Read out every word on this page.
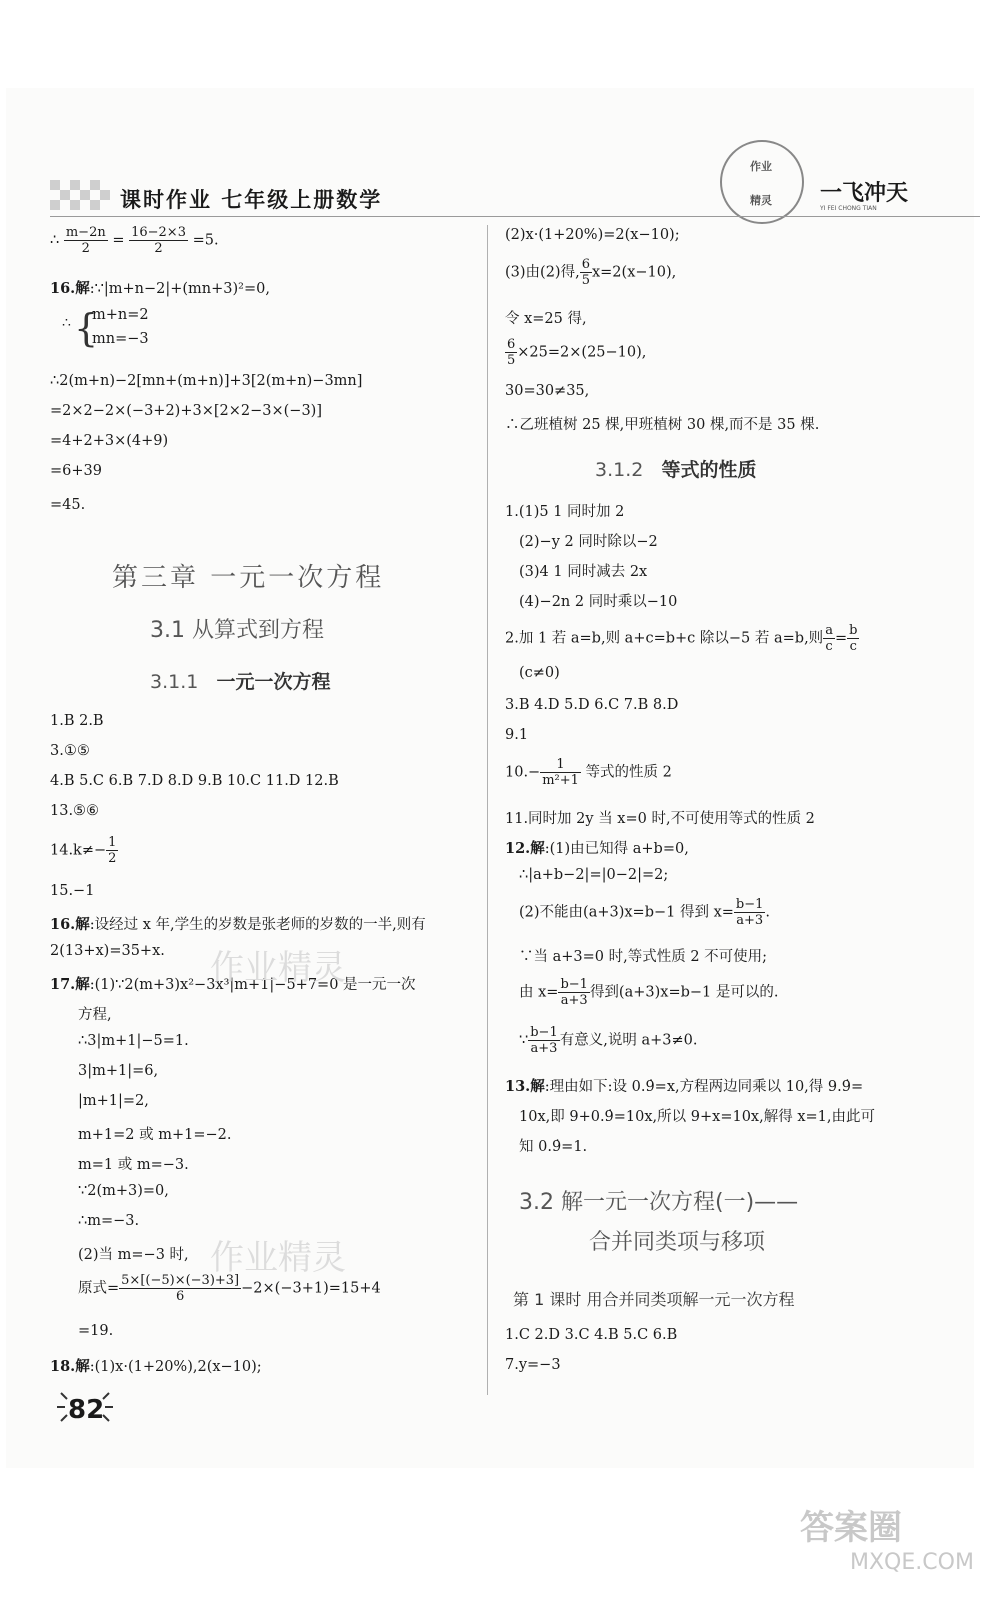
课时作业 七年级上册数学
作业
精灵 一飞冲天
YI FEI CHONG TIAN
∴ $\frac{m-2n}{2} = \frac{16-2\times 3}{2} =5$.
16.解:∵|m+n−2|+(mn+3)²=0,
∴ {
m+n=2
mn=−3
∴2(m+n)−2[mn+(m+n)]+3[2(m+n)−3mn]
=2×2−2×(−3+2)+3×[2×2−3×(−3)]
=4+2+3×(4+9)
=6+39
=45.
第三章 一元一次方程
3.1 从算式到方程
3.1.1 一元一次方程
1.B 2.B
3.①⑤
4.B 5.C 6.B 7.D 8.D 9.B 10.C 11.D 12.B
13.⑤⑥
$14.k\ne- \frac{1}{2}$
15.−1
16.解:设经过 x 年,学生的岁数是张老师的岁数的一半,则有
2(13+x)=35+x.
17.解:(1)∵2(m+3)x²−3x³|m+1|−5+7=0 是一元一次
方程,
∴3|m+1|−5=1.
3|m+1|=6,
|m+1|=2,
m+1=2 或 m+1=−2.
m=1 或 m=−3.
∵2(m+3)=0,
∴m=−3.
(2)当 m=−3 时,
原式= $\frac{5\times[(-5)\times(-3)+3]}{6} -2\times(-3+1)=15+4$
=19.
18.解:(1)x·(1+20%),2(x−10);
作业精灵
作业精灵
(2)x·(1+20%)=2(x−10);
(3)由(2)得, $\frac{6}{5} x=2(x-10)$,
令 x=25 得,
$\frac{6}{5} \times 25=2\times(25-10)$,
30=30≠35,
∴乙班植树 25 棵,甲班植树 30 棵,而不是 35 棵.
3.1.2 等式的性质
1.(1)5 1 同时加 2
(2)−y 2 同时除以−2
(3)4 1 同时减去 2x
(4)−2n 2 同时乘以−10
2.加 1 若 a=b,则 a+c=b+c 除以−5 若 a=b,则 $\frac{a}{c} = \frac{b}{c}$
(c≠0)
3.B 4.D 5.D 6.C 7.B 8.D
9.1
$10.- \frac{1}{\text{m²+1}}$ 等式的性质 2
11.同时加 2y 当 x=0 时,不可使用等式的性质 2
12.解:(1)由已知得 a+b=0,
∴|a+b−2|=|0−2|=2;
(2)不能由(a+3)x=b−1 得到 $x= \frac{b-1}{a+3}$ .
∵当 a+3=0 时,等式性质 2 不可使用;
由 $x= \frac{b-1}{a+3}$ 得到(a+3)x=b−1 是可以的.
∵ $\frac{b-1}{a+3}$ 有意义,说明 a+3≠0.
13.解:理由如下:设 0.9̇=x,方程两边同乘以 10,得 9.9̇=
10x,即 9+0.9̇=10x,所以 9+x=10x,解得 x=1,由此可
知 0.9̇=1.
3.2 解一元一次方程(一)——
合并同类项与移项
第 1 课时 用合并同类项解一元一次方程
1.C 2.D 3.C 4.B 5.C 6.B
7.y=−3
82
答案圈
MXQE.COM
